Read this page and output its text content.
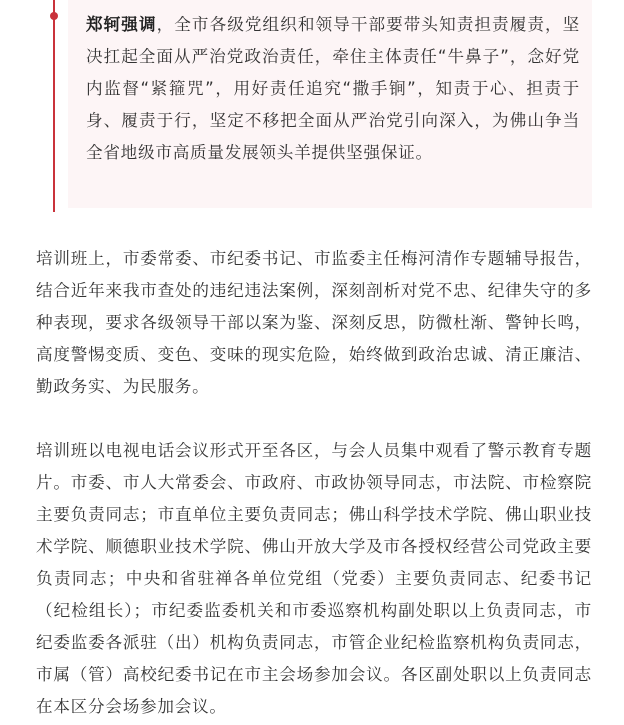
郑轲强调，全市各级党组织和领导干部要带头知责担责履责，坚决扛起全面从严治党政治责任，牵住主体责任“牛鼻子”，念好党内监督“紧箍咒”，用好责任追究“撒手锏”，知责于心、担责于身、履责于行，坚定不移把全面从严治党引向深入，为佛山争当全省地级市高质量发展领头羊提供坚强保证。

培训班上，市委常委、市纪委书记、市监委主任梅河清作专题辅导报告，结合近年来我市查处的违纪违法案例，深刻剖析对党不忠、纪律失守的多种表现，要求各级领导干部以案为鉴、深刻反思，防微杜渐、警钟长鸣，高度警惕变质、变色、变味的现实危险，始终做到政治忠诚、清正廉洁、勤政务实、为民服务。

培训班以电视电话会议形式开至各区，与会人员集中观看了警示教育专题片。市委、市人大常委会、市政府、市政协领导同志，市法院、市检察院主要负责同志；市直单位主要负责同志；佛山科学技术学院、佛山职业技术学院、顺德职业技术学院、佛山开放大学及市各授权经营公司党政主要负责同志；中央和省驻禅各单位党组（党委）主要负责同志、纪委书记（纪检组长）；市纪委监委机关和市委巡察机构副处职以上负责同志，市纪委监委各派驻（出）机构负责同志，市管企业纪检监察机构负责同志，市属（管）高校纪委书记在市主会场参加会议。各区副处职以上负责同志在本区分会场参加会议。
